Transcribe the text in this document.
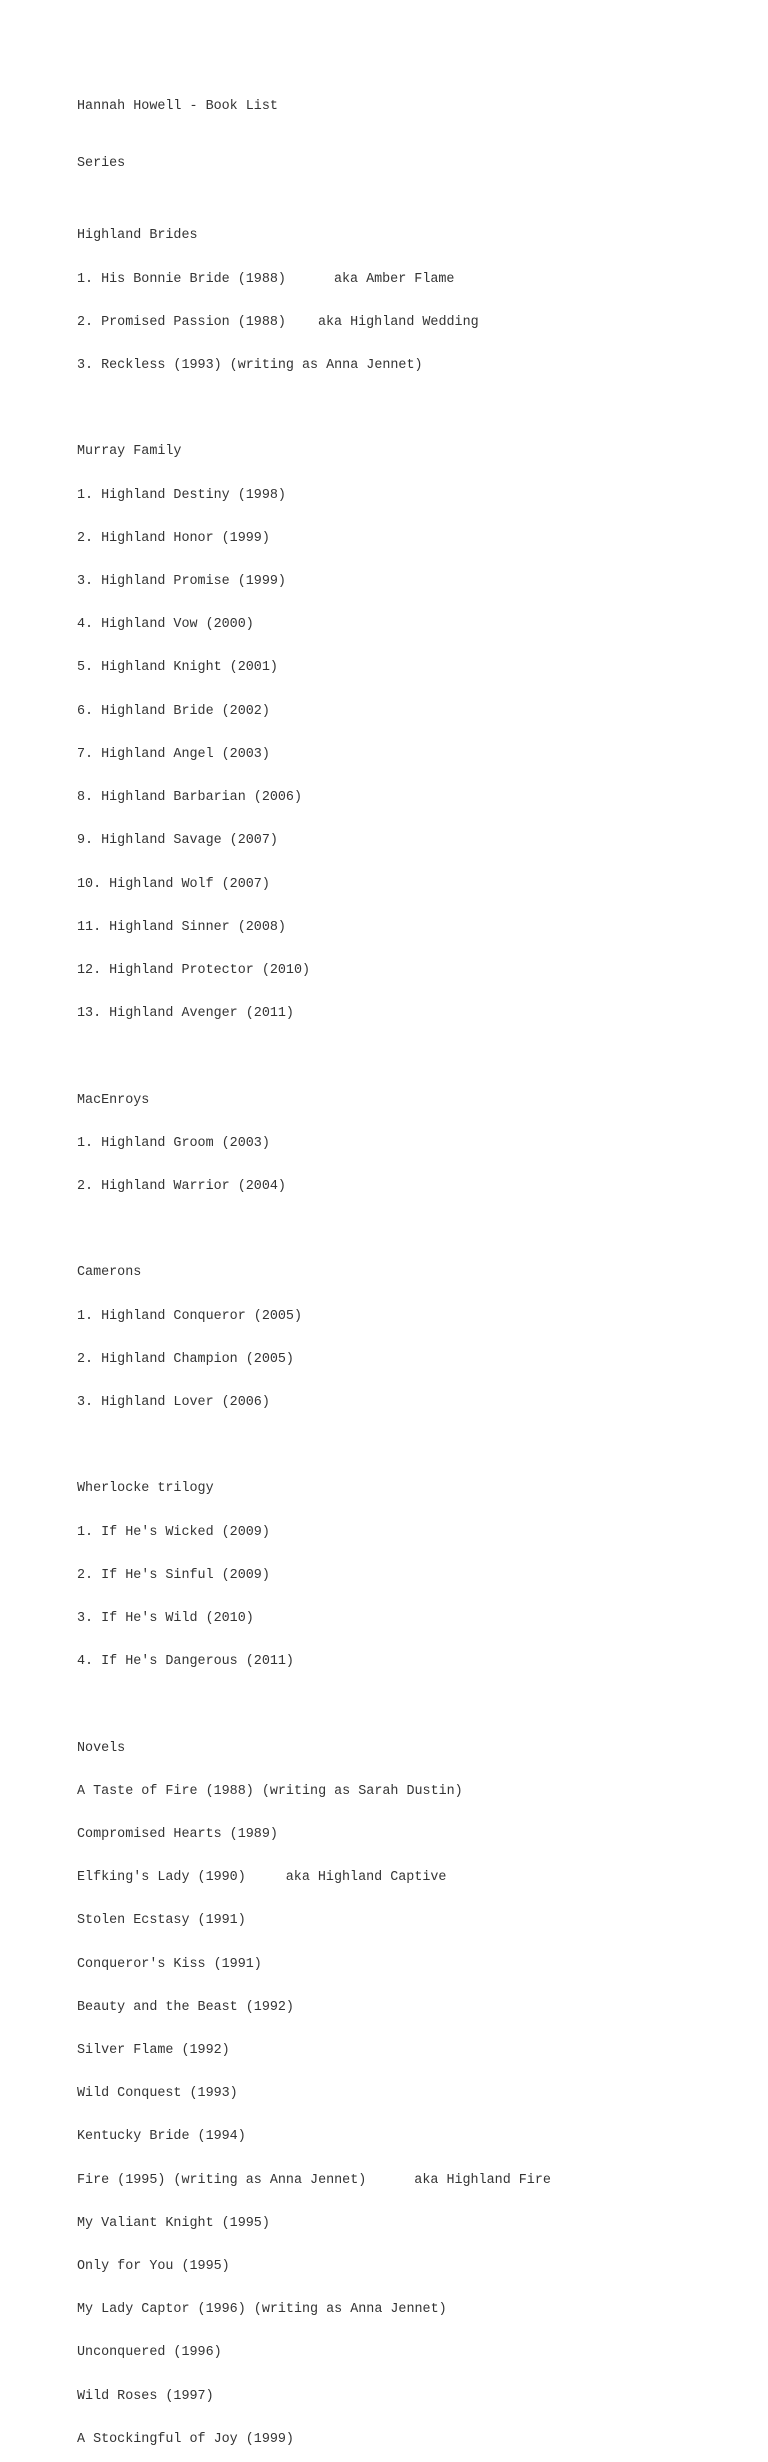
Hannah Howell - Book List

Series

Highland Brides

1. His Bonnie Bride (1988)	aka Amber Flame

2. Promised Passion (1988) aka Highland Wedding

3. Reckless (1993) (writing as Anna Jennet)

Murray Family

1. Highland Destiny (1998)

2. Highland Honor (1999)

3. Highland Promise (1999)

4. Highland Vow (2000)

5. Highland Knight (2001)

6. Highland Bride (2002)

7. Highland Angel (2003)

8. Highland Barbarian (2006)

9. Highland Savage (2007)

10. Highland Wolf (2007)

11. Highland Sinner (2008)

12. Highland Protector (2010)

13. Highland Avenger (2011)

MacEnroys

1. Highland Groom (2003)

2. Highland Warrior (2004)

Camerons

1. Highland Conqueror (2005)

2. Highland Champion (2005)

3. Highland Lover (2006)

Wherlocke trilogy

1. If He's Wicked (2009)

2. If He's Sinful (2009)

3. If He's Wild (2010)

4. If He's Dangerous (2011)

Novels

A Taste of Fire (1988) (writing as Sarah Dustin)

Compromised Hearts (1989)

Elfking's Lady (1990)	aka Highland Captive

Stolen Ecstasy (1991)

Conqueror's Kiss (1991)

Beauty and the Beast (1992)

Silver Flame (1992)

Wild Conquest (1993)

Kentucky Bride (1994)

Fire (1995) (writing as Anna Jennet)	aka Highland Fire

My Valiant Knight (1995)

Only for You (1995)

My Lady Captor (1996) (writing as Anna Jennet)

Unconquered (1996)

Wild Roses (1997)

A Stockingful of Joy (1999)
